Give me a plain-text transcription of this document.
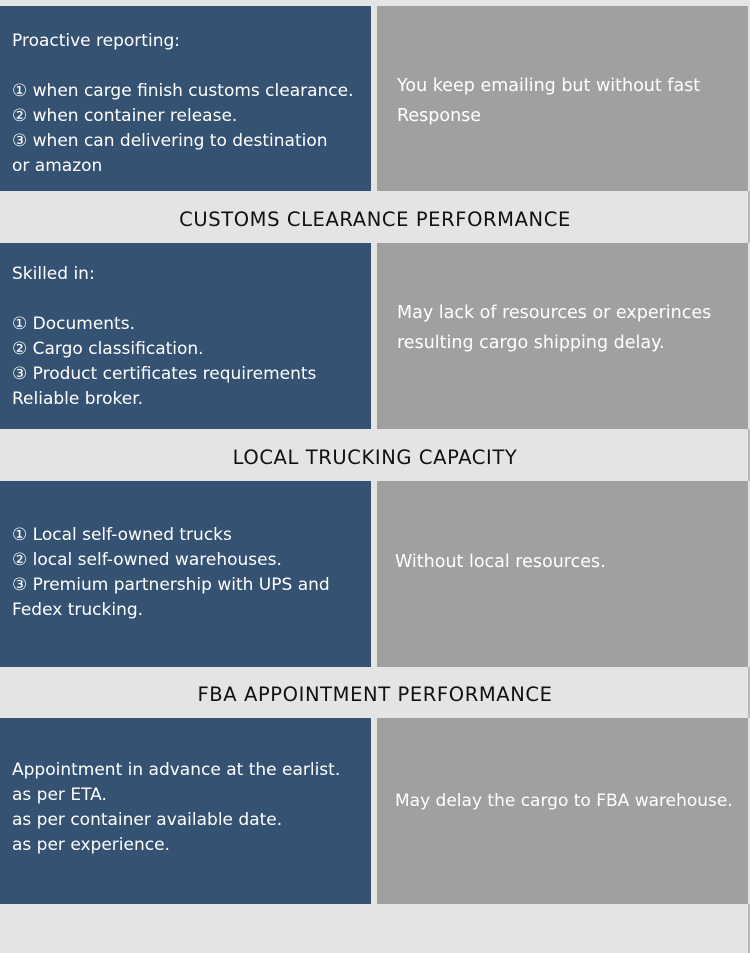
Proactive reporting:
① when carge finish customs clearance.
② when container release.
③ when can delivering to destination
or amazon
You keep emailing but without fast
Response
CUSTOMS CLEARANCE PERFORMANCE
Skilled in:
① Documents.
② Cargo classification.
③ Product certificates requirements
Reliable broker.
May lack of resources or experinces
resulting cargo shipping delay.
LOCAL TRUCKING CAPACITY
① Local self-owned trucks
② local self-owned warehouses.
③ Premium partnership with UPS and
Fedex trucking.
Without local resources.
FBA APPOINTMENT PERFORMANCE
Appointment in advance at the earlist.
as per ETA.
as per container available date.
as per experience.
May delay the cargo to FBA warehouse.
